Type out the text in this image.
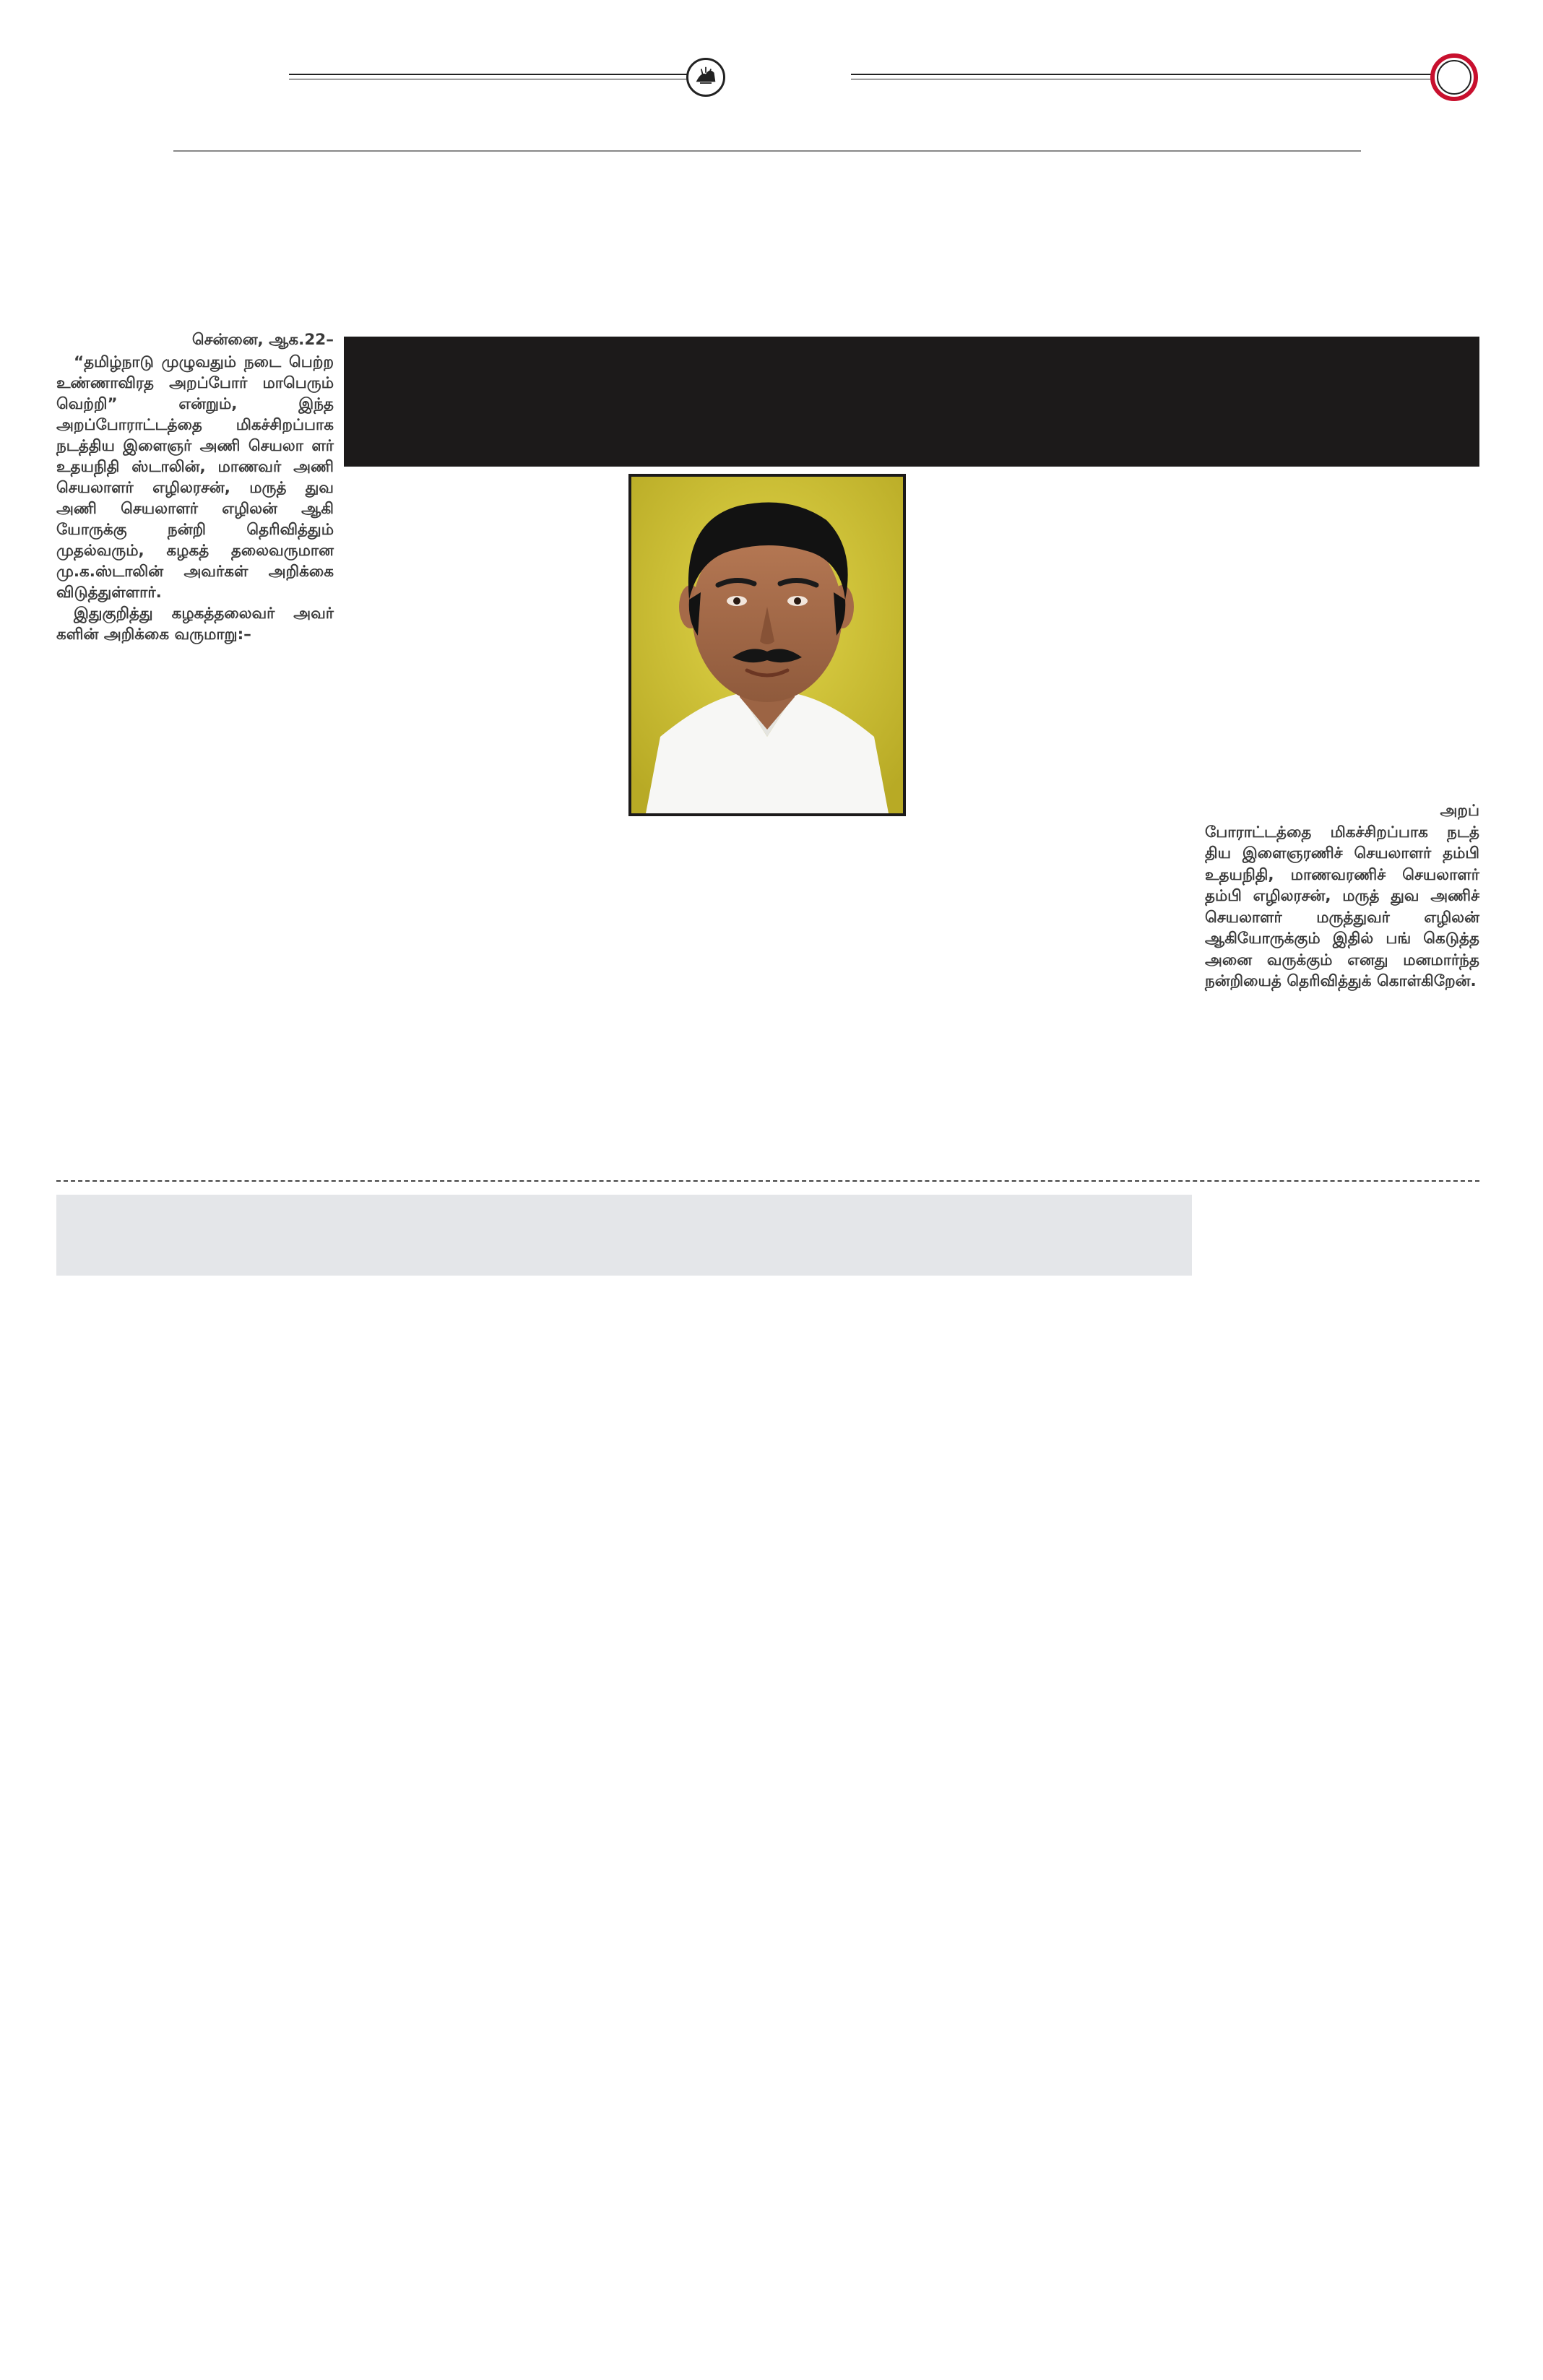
சென்னை, ஆக.22–

“தமிழ்நாடு முழுவதும் நடை பெற்ற உண்ணாவிரத அறப்போர் மாபெரும் வெற்றி” என்றும், இந்த அறப்போராட்டத்தை மிகச்சிறப்பாக நடத்திய இளைஞர் அணி செயலா ளர் உதயநிதி ஸ்டாலின், மாணவர் அணி செயலாளர் எழிலரசன், மருத் துவ அணி செயலாளர் எழிலன் ஆகி யோருக்கு நன்றி தெரிவித்தும் முதல்வரும், கழகத் தலைவருமான மு.க.ஸ்டாலின் அவர்கள் அறிக்கை விடுத்துள்ளார்.

இதுகுறித்து கழகத்தலைவர் அவர் களின் அறிக்கை வருமாறு:–

அறப்
போராட்டத்தை மிகச்சிறப்பாக நடத் திய இளைஞரணிச் செயலாளர் தம்பி உதயநிதி, மாணவரணிச் செயலாளர் தம்பி எழிலரசன், மருத் துவ அணிச் செயலாளர் மருத்துவர் எழிலன் ஆகியோருக்கும் இதில் பங் கெடுத்த அனை வருக்கும் எனது மனமார்ந்த நன்றியைத் தெரிவித்துக் கொள்கிறேன்.
